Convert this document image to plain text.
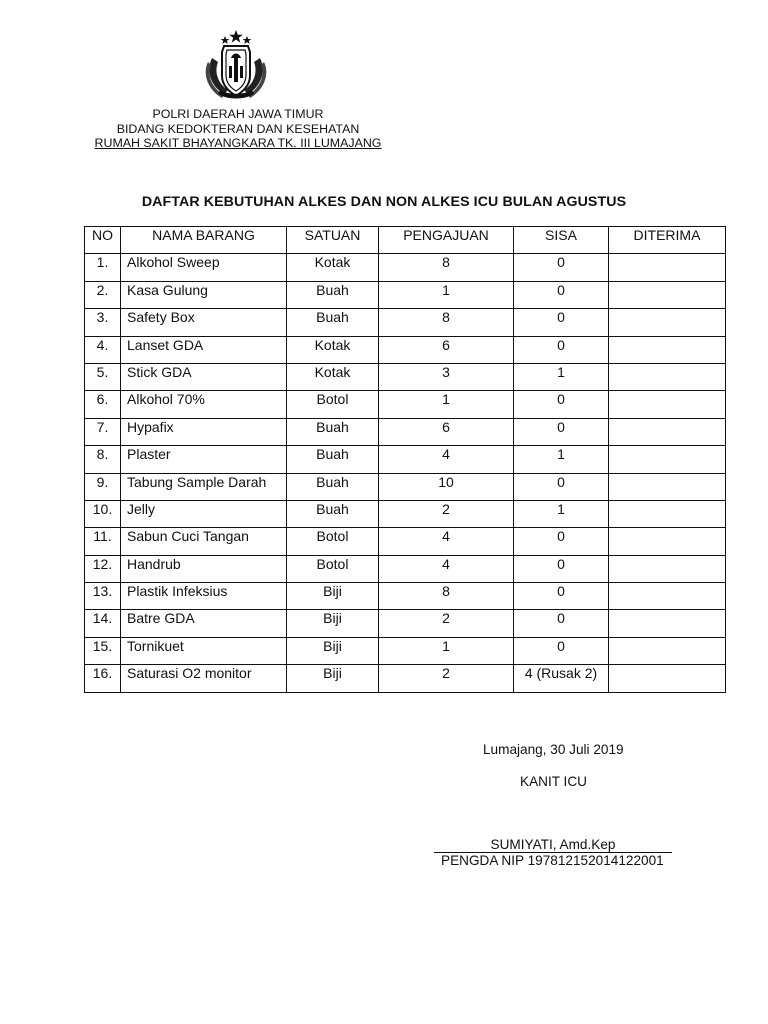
POLRI DAERAH JAWA TIMUR
BIDANG KEDOKTERAN DAN KESEHATAN
RUMAH SAKIT BHAYANGKARA TK. III LUMAJANG
DAFTAR KEBUTUHAN ALKES DAN NON ALKES ICU BULAN AGUSTUS
NO	NAMA BARANG	SATUAN	PENGAJUAN	SISA	DITERIMA
1.	Alkohol Sweep	Kotak	8	0	
2.	Kasa Gulung	Buah	1	0	
3.	Safety Box	Buah	8	0	
4.	Lanset GDA	Kotak	6	0	
5.	Stick GDA	Kotak	3	1	
6.	Alkohol 70%	Botol	1	0	
7.	Hypafix	Buah	6	0	
8.	Plaster	Buah	4	1	
9.	Tabung Sample Darah	Buah	10	0	
10.	Jelly	Buah	2	1	
11.	Sabun Cuci Tangan	Botol	4	0	
12.	Handrub	Botol	4	0	
13.	Plastik Infeksius	Biji	8	0	
14.	Batre GDA	Biji	2	0	
15.	Tornikuet	Biji	1	0	
16.	Saturasi O2 monitor	Biji	2	4 (Rusak 2)	
Lumajang, 30 Juli 2019
KANIT ICU
SUMIYATI, Amd.Kep
PENGDA NIP 197812152014122001
